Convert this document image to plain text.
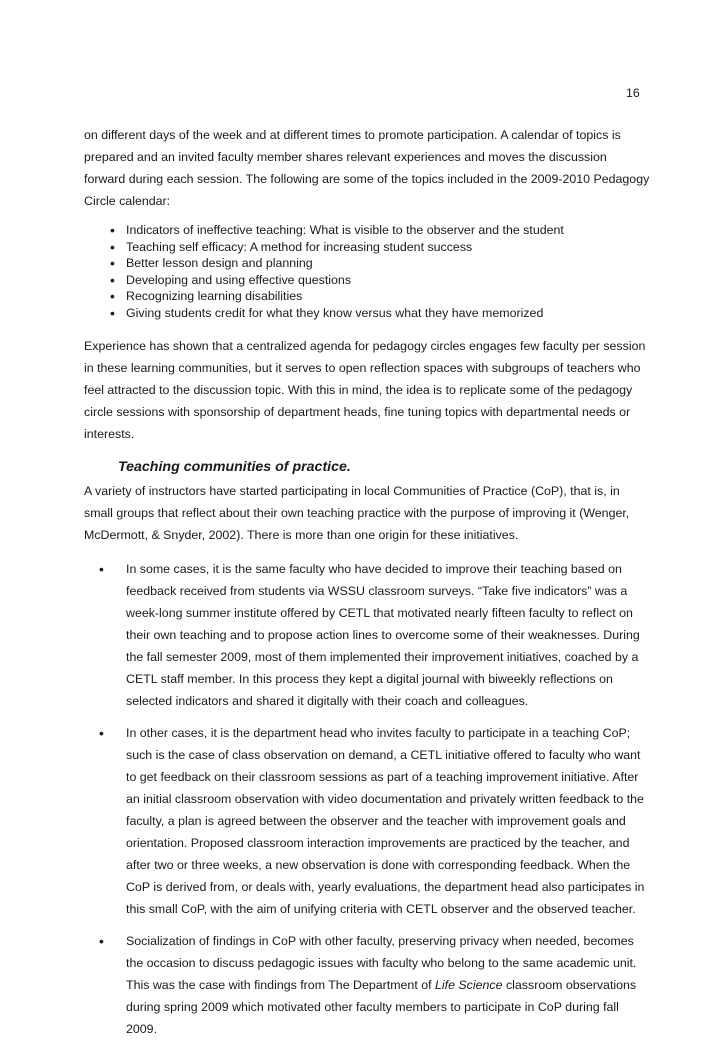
16

on different days of the week and at different times to promote participation. A calendar of topics is prepared and an invited faculty member shares relevant experiences and moves the discussion forward during each session. The following are some of the topics included in the 2009-2010 Pedagogy Circle calendar:

• Indicators of ineffective teaching: What is visible to the observer and the student
• Teaching self efficacy: A method for increasing student success
• Better lesson design and planning
• Developing and using effective questions
• Recognizing learning disabilities
• Giving students credit for what they know versus what they have memorized

Experience has shown that a centralized agenda for pedagogy circles engages few faculty per session in these learning communities, but it serves to open reflection spaces with subgroups of teachers who feel attracted to the discussion topic. With this in mind, the idea is to replicate some of the pedagogy circle sessions with sponsorship of department heads, fine tuning topics with departmental needs or interests.

Teaching communities of practice.

A variety of instructors have started participating in local Communities of Practice (CoP), that is, in small groups that reflect about their own teaching practice with the purpose of improving it (Wenger, McDermott, & Snyder, 2002). There is more than one origin for these initiatives.

• In some cases, it is the same faculty who have decided to improve their teaching based on feedback received from students via WSSU classroom surveys. “Take five indicators” was a week-long summer institute offered by CETL that motivated nearly fifteen faculty to reflect on their own teaching and to propose action lines to overcome some of their weaknesses. During the fall semester 2009, most of them implemented their improvement initiatives, coached by a CETL staff member. In this process they kept a digital journal with biweekly reflections on selected indicators and shared it digitally with their coach and colleagues.
• In other cases, it is the department head who invites faculty to participate in a teaching CoP; such is the case of class observation on demand, a CETL initiative offered to faculty who want to get feedback on their classroom sessions as part of a teaching improvement initiative. After an initial classroom observation with video documentation and privately written feedback to the faculty, a plan is agreed between the observer and the teacher with improvement goals and orientation. Proposed classroom interaction improvements are practiced by the teacher, and after two or three weeks, a new observation is done with corresponding feedback. When the CoP is derived from, or deals with, yearly evaluations, the department head also participates in this small CoP, with the aim of unifying criteria with CETL observer and the observed teacher.
• Socialization of findings in CoP with other faculty, preserving privacy when needed, becomes the occasion to discuss pedagogic issues with faculty who belong to the same academic unit. This was the case with findings from The Department of Life Science classroom observations during spring 2009 which motivated other faculty members to participate in CoP during fall 2009.
